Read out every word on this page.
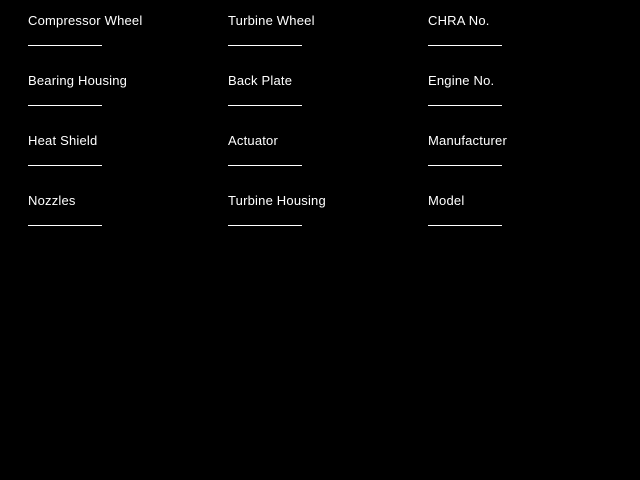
Compressor Wheel	Turbine Wheel	CHRA No.
Bearing Housing	Back Plate	Engine No.
Heat Shield	Actuator	Manufacturer
Nozzles	Turbine Housing	Model
